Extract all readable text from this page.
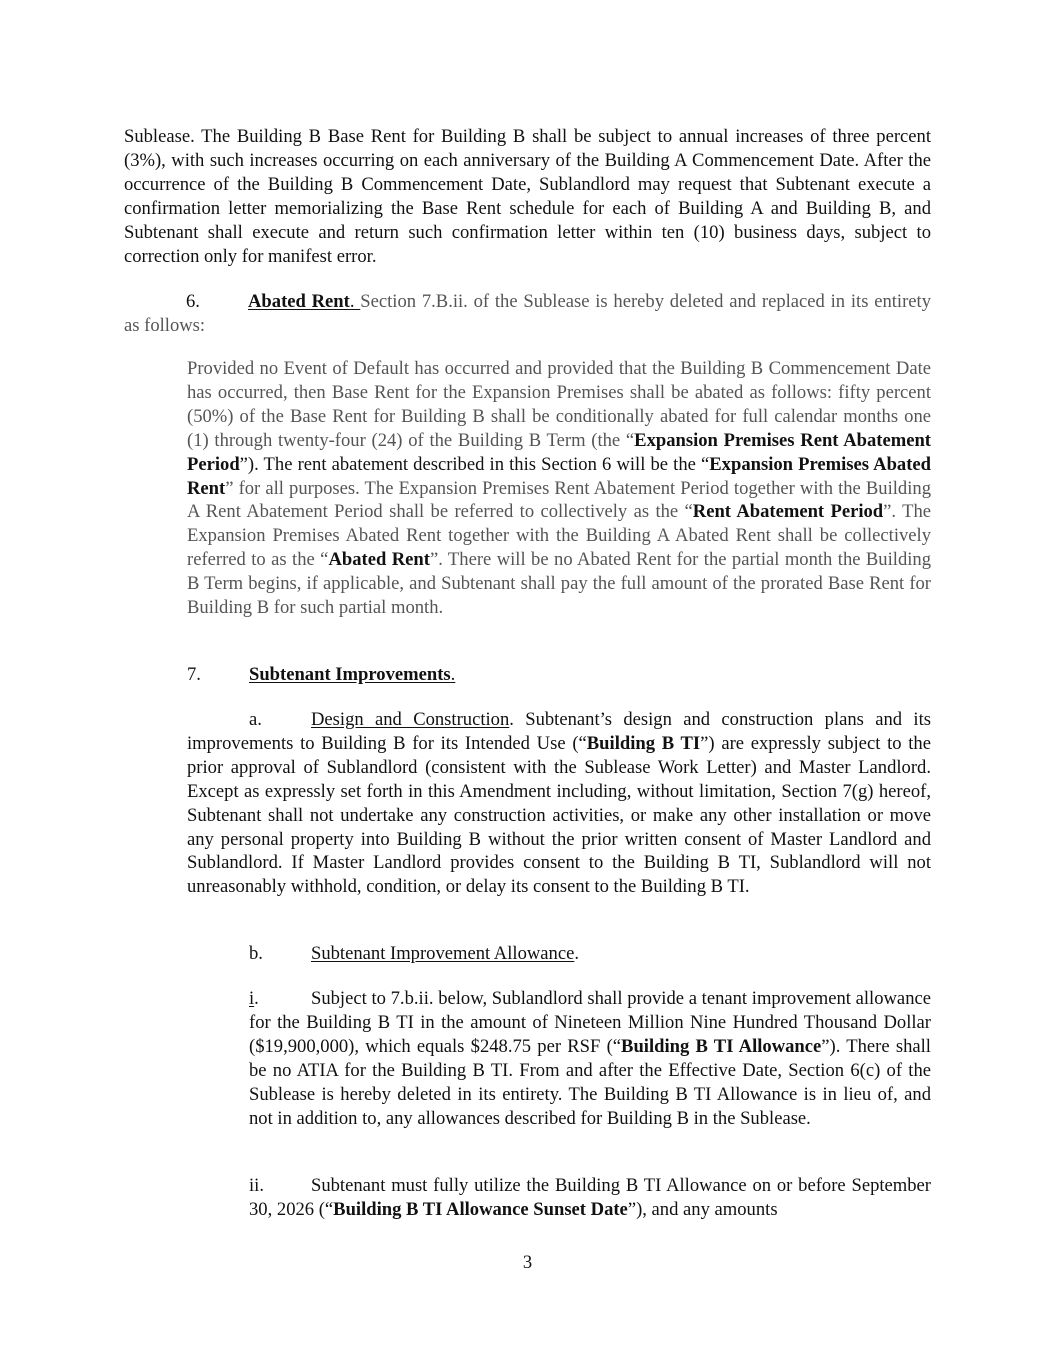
Sublease. The Building B Base Rent for Building B shall be subject to annual increases of three percent (3%), with such increases occurring on each anniversary of the Building A Commencement Date. After the occurrence of the Building B Commencement Date, Sublandlord may request that Subtenant execute a confirmation letter memorializing the Base Rent schedule for each of Building A and Building B, and Subtenant shall execute and return such confirmation letter within ten (10) business days, subject to correction only for manifest error.

6.	Abated Rent. Section 7.B.ii. of the Sublease is hereby deleted and replaced in its entirety as follows:

Provided no Event of Default has occurred and provided that the Building B Commencement Date has occurred, then Base Rent for the Expansion Premises shall be abated as follows: fifty percent (50%) of the Base Rent for Building B shall be conditionally abated for full calendar months one (1) through twenty-four (24) of the Building B Term (the “Expansion Premises Rent Abatement Period”). The rent abatement described in this Section 6 will be the “Expansion Premises Abated Rent” for all purposes. The Expansion Premises Rent Abatement Period together with the Building A Rent Abatement Period shall be referred to collectively as the “Rent Abatement Period”. The Expansion Premises Abated Rent together with the Building A Abated Rent shall be collectively referred to as the “Abated Rent”. There will be no Abated Rent for the partial month the Building B Term begins, if applicable, and Subtenant shall pay the full amount of the prorated Base Rent for Building B for such partial month.

7.	Subtenant Improvements.

a.	Design and Construction. Subtenant’s design and construction plans and its improvements to Building B for its Intended Use (“Building B TI”) are expressly subject to the prior approval of Sublandlord (consistent with the Sublease Work Letter) and Master Landlord. Except as expressly set forth in this Amendment including, without limitation, Section 7(g) hereof, Subtenant shall not undertake any construction activities, or make any other installation or move any personal property into Building B without the prior written consent of Master Landlord and Sublandlord. If Master Landlord provides consent to the Building B TI, Sublandlord will not unreasonably withhold, condition, or delay its consent to the Building B TI.

b.	Subtenant Improvement Allowance.

i.	Subject to 7.b.ii. below, Sublandlord shall provide a tenant improvement allowance for the Building B TI in the amount of Nineteen Million Nine Hundred Thousand Dollar ($19,900,000), which equals $248.75 per RSF (“Building B TI Allowance”). There shall be no ATIA for the Building B TI. From and after the Effective Date, Section 6(c) of the Sublease is hereby deleted in its entirety. The Building B TI Allowance is in lieu of, and not in addition to, any allowances described for Building B in the Sublease.

ii.	Subtenant must fully utilize the Building B TI Allowance on or before September 30, 2026 (“Building B TI Allowance Sunset Date”), and any amounts

3
